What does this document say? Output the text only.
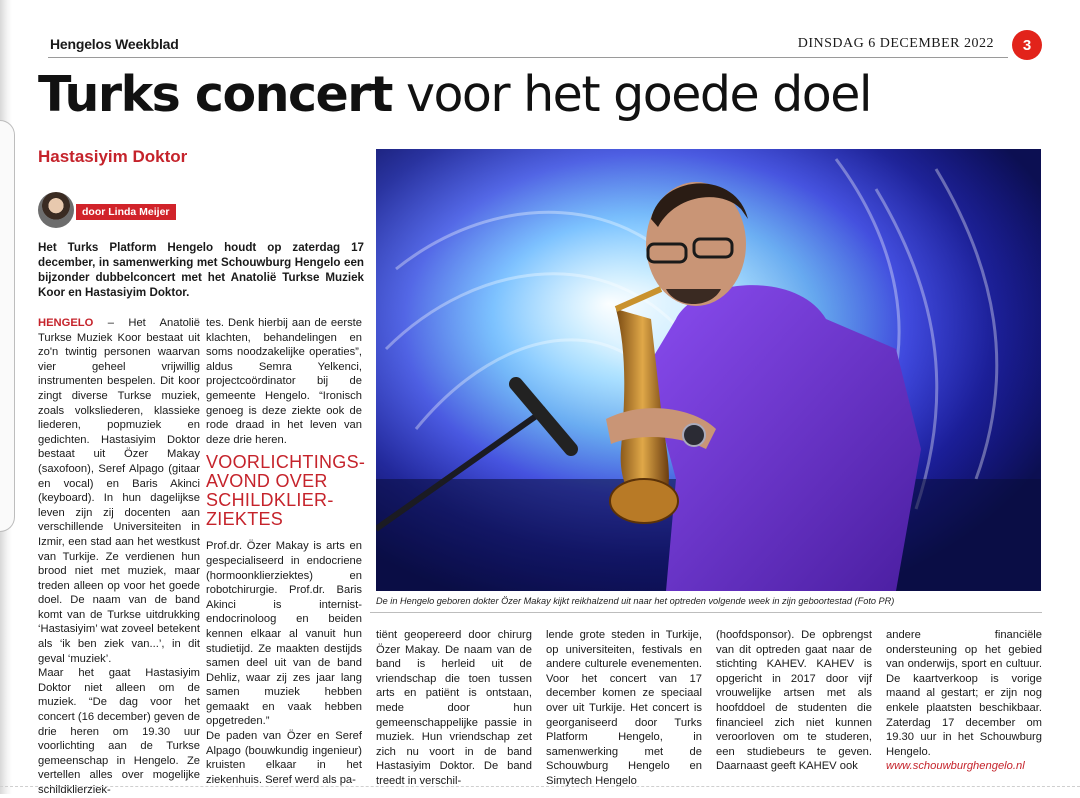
Hengelos Weekblad	DINSDAG 6 DECEMBER 2022	3
Turks concert voor het goede doel
Hastasiyim Doktor
door Linda Meijer
Het Turks Platform Hengelo houdt op zaterdag 17 december, in samenwerking met Schouwburg Hengelo een bijzonder dubbelconcert met het Anatolië Turkse Muziek Koor en Hastasiyim Doktor.

HENGELO – Het Anatolië Turkse Muziek Koor bestaat uit zo'n twintig personen waarvan vier geheel vrijwillig instrumenten bespelen. Dit koor zingt diverse Turkse muziek, zoals volksliederen, klassieke liederen, popmuziek en gedichten. Hastasiyim Doktor bestaat uit Özer Makay (saxofoon), Seref Alpago (gitaar en vocal) en Baris Akinci (keyboard). In hun dagelijkse leven zijn zij docenten aan verschillende Universiteiten in Izmir, een stad aan het westkust van Turkije. Ze verdienen hun brood niet met muziek, maar treden alleen op voor het goede doel. De naam van de band komt van de Turkse uitdrukking ‘Hastasiyim’ wat zoveel betekent als ‘ik ben ziek van...’, in dit geval ‘muziek’.

Maar het gaat Hastasiyim Doktor niet alleen om de muziek. “De dag voor het concert (16 december) geven de drie heren om 19.30 uur voorlichting aan de Turkse gemeenschap in Hengelo. Ze vertellen alles over mogelijke schildklierziek-

tes. Denk hierbij aan de eerste klachten, behandelingen en soms noodzakelijke operaties”, aldus Semra Yelkenci, projectcoördinator bij de gemeente Hengelo. “Ironisch genoeg is deze ziekte ook de rode draad in het leven van deze drie heren.

VOORLICHTINGS-AVOND OVER SCHILDKLIER-ZIEKTES

Prof.dr. Özer Makay is arts en gespecialiseerd in endocriene (hormoonklierziektes) en robotchirurgie. Prof.dr. Baris Akinci is internist-endocrinoloog en beiden kennen elkaar al vanuit hun studietijd. Ze maakten destijds samen deel uit van de band Dehliz, waar zij zes jaar lang samen muziek hebben gemaakt en vaak hebben opgetreden.”

De paden van Özer en Seref Alpago (bouwkundig ingenieur) kruisten elkaar in het ziekenhuis. Seref werd als pa-

De in Hengelo geboren dokter Özer Makay kijkt reikhalzend uit naar het optreden volgende week in zijn geboortestad (Foto PR)

tiënt geopereerd door chirurg Özer Makay. De naam van de band is herleid uit de vriendschap die toen tussen arts en patiënt is ontstaan, mede door hun gemeenschappelijke passie in muziek. Hun vriendschap zet zich nu voort in de band Hastasiyim Doktor. De band treedt in verschil-

lende grote steden in Turkije, op universiteiten, festivals en andere culturele evenementen. Voor het concert van 17 december komen ze speciaal over uit Turkije. Het concert is georganiseerd door Turks Platform Hengelo, in samenwerking met de Schouwburg Hengelo en Simytech Hengelo

(hoofdsponsor). De opbrengst van dit optreden gaat naar de stichting KAHEV. KAHEV is opgericht in 2017 door vijf vrouwelijke artsen met als hoofddoel de studenten die financieel zich niet kunnen veroorloven om te studeren, een studiebeurs te geven. Daarnaast geeft KAHEV ook

andere financiële ondersteuning op het gebied van onderwijs, sport en cultuur. De kaartverkoop is vorige maand al gestart; er zijn nog enkele plaatsten beschikbaar. Zaterdag 17 december om 19.30 uur in het Schouwburg Hengelo.

www.schouwburghengelo.nl
